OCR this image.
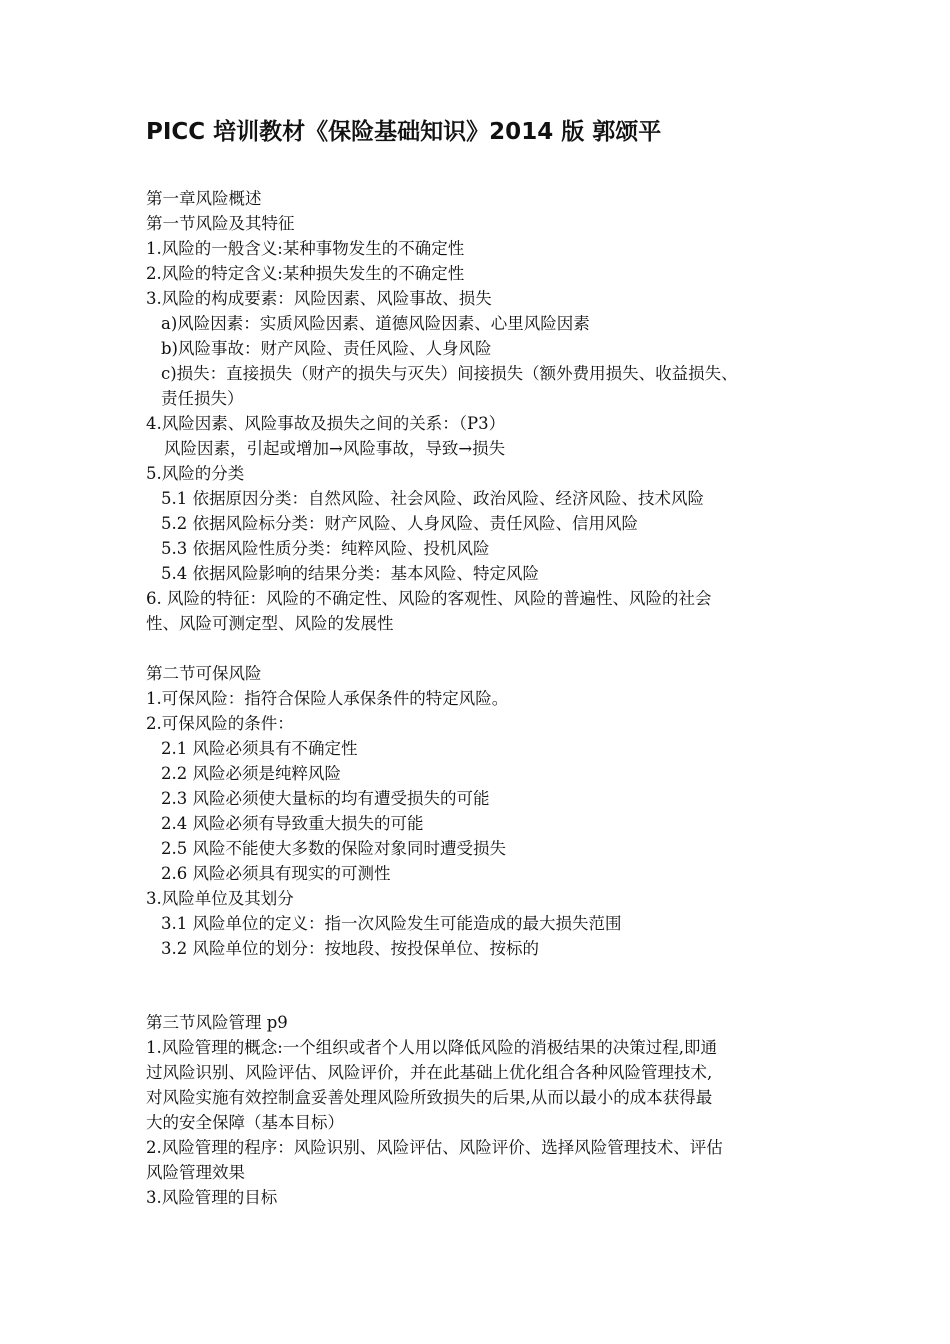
PICC 培训教材《保险基础知识》2014 版 郭颂平
第一章风险概述
第一节风险及其特征
1.风险的一般含义:某种事物发生的不确定性
2.风险的特定含义:某种损失发生的不确定性
3.风险的构成要素：风险因素、风险事故、损失
a)风险因素：实质风险因素、道德风险因素、心里风险因素
b)风险事故：财产风险、责任风险、人身风险
c)损失：直接损失（财产的损失与灭失）间接损失（额外费用损失、收益损失、
责任损失）
4.风险因素、风险事故及损失之间的关系：（P3）
风险因素，引起或增加→风险事故，导致→损失
5.风险的分类
5.1 依据原因分类：自然风险、社会风险、政治风险、经济风险、技术风险
5.2 依据风险标分类：财产风险、人身风险、责任风险、信用风险
5.3 依据风险性质分类：纯粹风险、投机风险
5.4 依据风险影响的结果分类：基本风险、特定风险
6. 风险的特征：风险的不确定性、风险的客观性、风险的普遍性、风险的社会
性、风险可测定型、风险的发展性
第二节可保风险
1.可保风险：指符合保险人承保条件的特定风险。
2.可保风险的条件：
2.1 风险必须具有不确定性
2.2 风险必须是纯粹风险
2.3 风险必须使大量标的均有遭受损失的可能
2.4 风险必须有导致重大损失的可能
2.5 风险不能使大多数的保险对象同时遭受损失
2.6 风险必须具有现实的可测性
3.风险单位及其划分
3.1 风险单位的定义：指一次风险发生可能造成的最大损失范围
3.2 风险单位的划分：按地段、按投保单位、按标的
第三节风险管理 p9
1.风险管理的概念:一个组织或者个人用以降低风险的消极结果的决策过程,即通
过风险识别、风险评估、风险评价，并在此基础上优化组合各种风险管理技术,
对风险实施有效控制盒妥善处理风险所致损失的后果,从而以最小的成本获得最
大的安全保障（基本目标）
2.风险管理的程序：风险识别、风险评估、风险评价、选择风险管理技术、评估
风险管理效果
3.风险管理的目标
